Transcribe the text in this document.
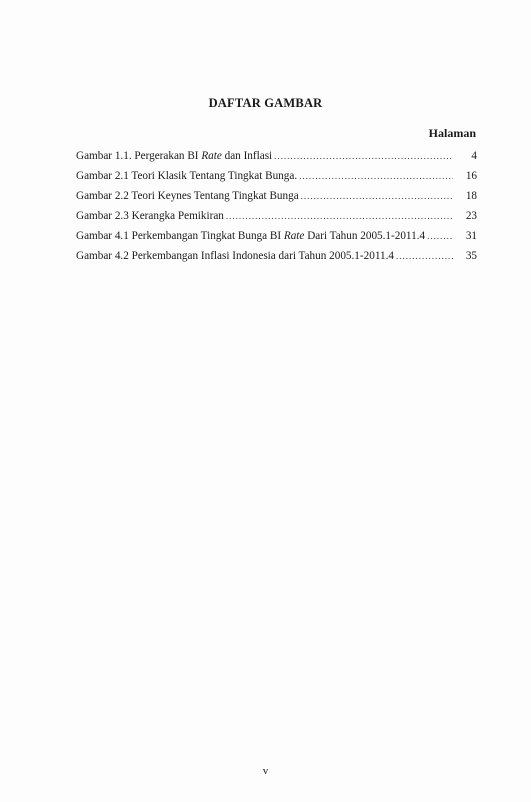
DAFTAR GAMBAR
Halaman
Gambar 1.1. Pergerakan BI Rate dan Inflasi .....	4
Gambar 2.1 Teori Klasik Tentang Tingkat Bunga. .....	16
Gambar 2.2 Teori Keynes Tentang Tingkat Bunga .....	18
Gambar 2.3 Kerangka Pemikiran .....	23
Gambar 4.1 Perkembangan Tingkat Bunga BI Rate Dari Tahun 2005.1-2011.4 .....	31
Gambar 4.2 Perkembangan Inflasi Indonesia dari Tahun 2005.1-2011.4 .....	35
v
